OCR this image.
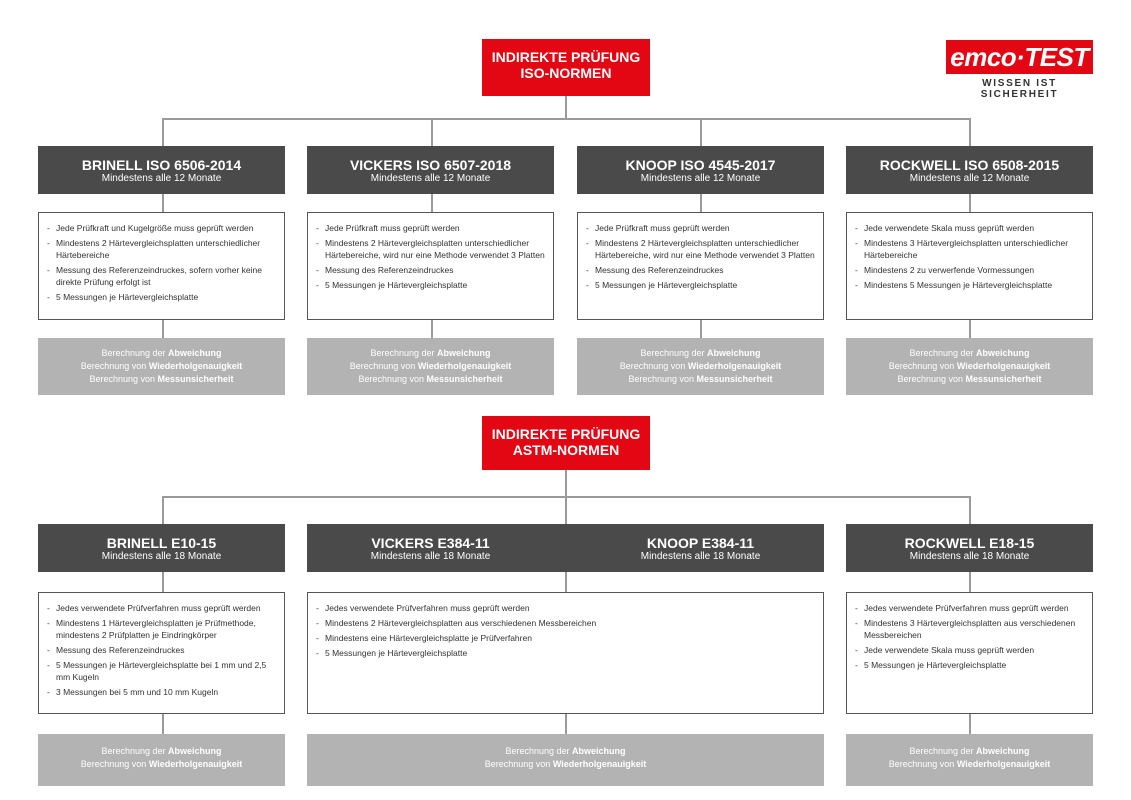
emco·TEST
WISSEN IST SICHERHEIT
INDIREKTE PRÜFUNG
ISO-NORMEN
BRINELL ISO 6506-2014
Mindestens alle 12 Monate
- Jede Prüfkraft und Kugelgröße muss geprüft werden
- Mindestens 2 Härtevergleichsplatten unterschiedlicher Härtebereiche
- Messung des Referenzeindruckes, sofern vorher keine direkte Prüfung erfolgt ist
- 5 Messungen je Härtevergleichsplatte
Berechnung der Abweichung
Berechnung von Wiederholgenauigkeit
Berechnung von Messunsicherheit
VICKERS ISO 6507-2018
Mindestens alle 12 Monate
- Jede Prüfkraft muss geprüft werden
- Mindestens 2 Härtevergleichsplatten unterschiedlicher Härtebereiche, wird nur eine Methode verwendet 3 Platten
- Messung des Referenzeindruckes
- 5 Messungen je Härtevergleichsplatte
Berechnung der Abweichung
Berechnung von Wiederholgenauigkeit
Berechnung von Messunsicherheit
KNOOP ISO 4545-2017
Mindestens alle 12 Monate
- Jede Prüfkraft muss geprüft werden
- Mindestens 2 Härtevergleichsplatten unterschiedlicher Härtebereiche, wird nur eine Methode verwendet 3 Platten
- Messung des Referenzeindruckes
- 5 Messungen je Härtevergleichsplatte
Berechnung der Abweichung
Berechnung von Wiederholgenauigkeit
Berechnung von Messunsicherheit
ROCKWELL ISO 6508-2015
Mindestens alle 12 Monate
- Jede verwendete Skala muss geprüft werden
- Mindestens 3 Härtevergleichsplatten unterschiedlicher Härtebereiche
- Mindestens 2 zu verwerfende Vormessungen
- Mindestens 5 Messungen je Härtevergleichsplatte
Berechnung der Abweichung
Berechnung von Wiederholgenauigkeit
Berechnung von Messunsicherheit
INDIREKTE PRÜFUNG
ASTM-NORMEN
BRINELL E10-15
Mindestens alle 18 Monate
- Jedes verwendete Prüfverfahren muss geprüft werden
- Mindestens 1 Härtevergleichsplatten je Prüfmethode, mindestens 2 Prüfplatten je Eindringkörper
- Messung des Referenzeindruckes
- 5 Messungen je Härtevergleichsplatte bei 1 mm und 2,5 mm Kugeln
- 3 Messungen bei 5 mm und 10 mm Kugeln
Berechnung der Abweichung
Berechnung von Wiederholgenauigkeit
VICKERS E384-11
Mindestens alle 18 Monate
KNOOP E384-11
Mindestens alle 18 Monate
- Jedes verwendete Prüfverfahren muss geprüft werden
- Mindestens 2 Härtevergleichsplatten aus verschiedenen Messbereichen
- Mindestens eine Härtevergleichsplatte je Prüfverfahren
- 5 Messungen je Härtevergleichsplatte
Berechnung der Abweichung
Berechnung von Wiederholgenauigkeit
ROCKWELL E18-15
Mindestens alle 18 Monate
- Jedes verwendete Prüfverfahren muss geprüft werden
- Mindestens 3 Härtevergleichsplatten aus verschiedenen Messbereichen
- Jede verwendete Skala muss geprüft werden
- 5 Messungen je Härtevergleichsplatte
Berechnung der Abweichung
Berechnung von Wiederholgenauigkeit
